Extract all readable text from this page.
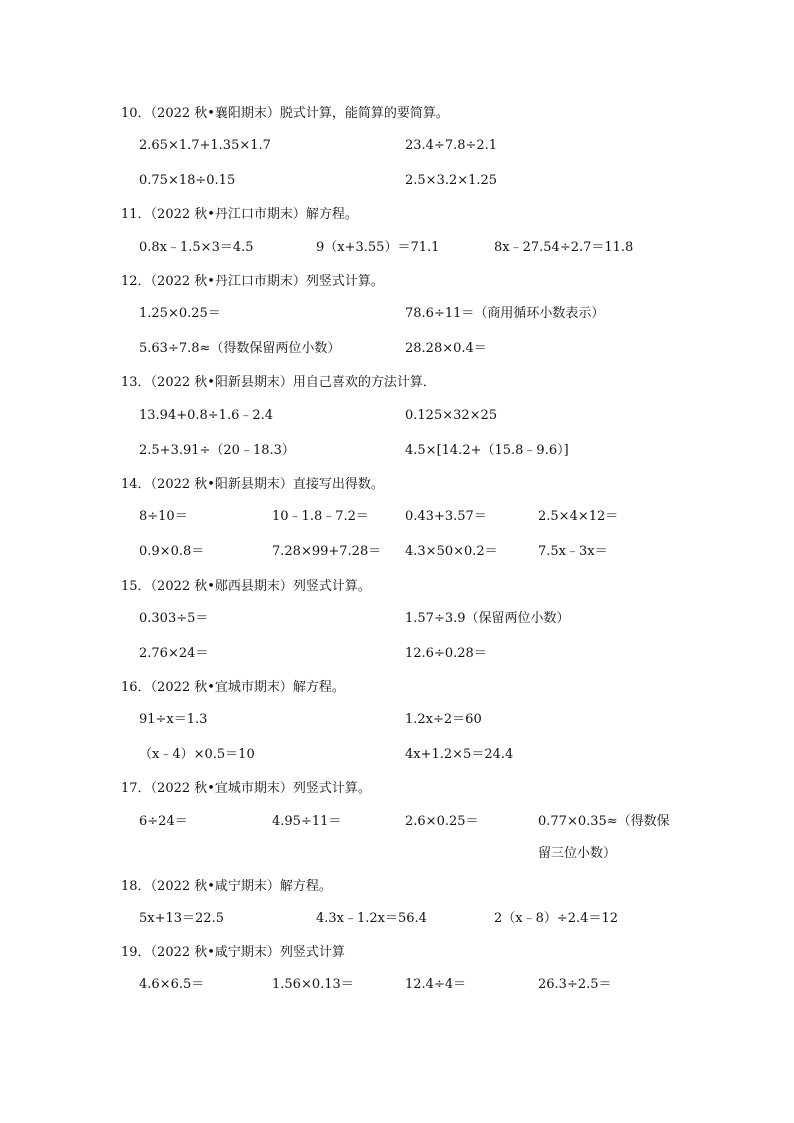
10．（2022 秋•襄阳期末）脱式计算，能简算的要简算。
2.65×1.7+1.35×1.7	23.4÷7.8÷2.1
0.75×18÷0.15	2.5×3.2×1.25
11．（2022 秋•丹江口市期末）解方程。
0.8x﹣1.5×3＝4.5	9（x+3.55）＝71.1	8x﹣27.54÷2.7＝11.8
12．（2022 秋•丹江口市期末）列竖式计算。
1.25×0.25＝	78.6÷11＝（商用循环小数表示）
5.63÷7.8≈（得数保留两位小数）	28.28×0.4＝
13．（2022 秋•阳新县期末）用自己喜欢的方法计算．
13.94+0.8÷1.6﹣2.4	0.125×32×25
2.5+3.91÷（20﹣18.3）	4.5×[14.2+（15.8﹣9.6）]
14．（2022 秋•阳新县期末）直接写出得数。
8÷10＝	10﹣1.8﹣7.2＝	0.43+3.57＝	2.5×4×12＝
0.9×0.8＝	7.28×99+7.28＝ 4.3×50×0.2＝	7.5x﹣3x＝
15．（2022 秋•郧西县期末）列竖式计算。
0.303÷5＝	1.57÷3.9（保留两位小数）
2.76×24＝	12.6÷0.28＝
16．（2022 秋•宜城市期末）解方程。
91÷x＝1.3	1.2x÷2＝60
（x﹣4）×0.5＝10	4x+1.2×5＝24.4
17．（2022 秋•宜城市期末）列竖式计算。
6÷24＝	4.95÷11＝	2.6×0.25＝	0.77×0.35≈（得数保留三位小数）
18．（2022 秋•咸宁期末）解方程。
5x+13＝22.5	4.3x﹣1.2x＝56.4	2（x﹣8）÷2.4＝12
19．（2022 秋•咸宁期末）列竖式计算
4.6×6.5＝	1.56×0.13＝	12.4÷4＝	26.3÷2.5＝
